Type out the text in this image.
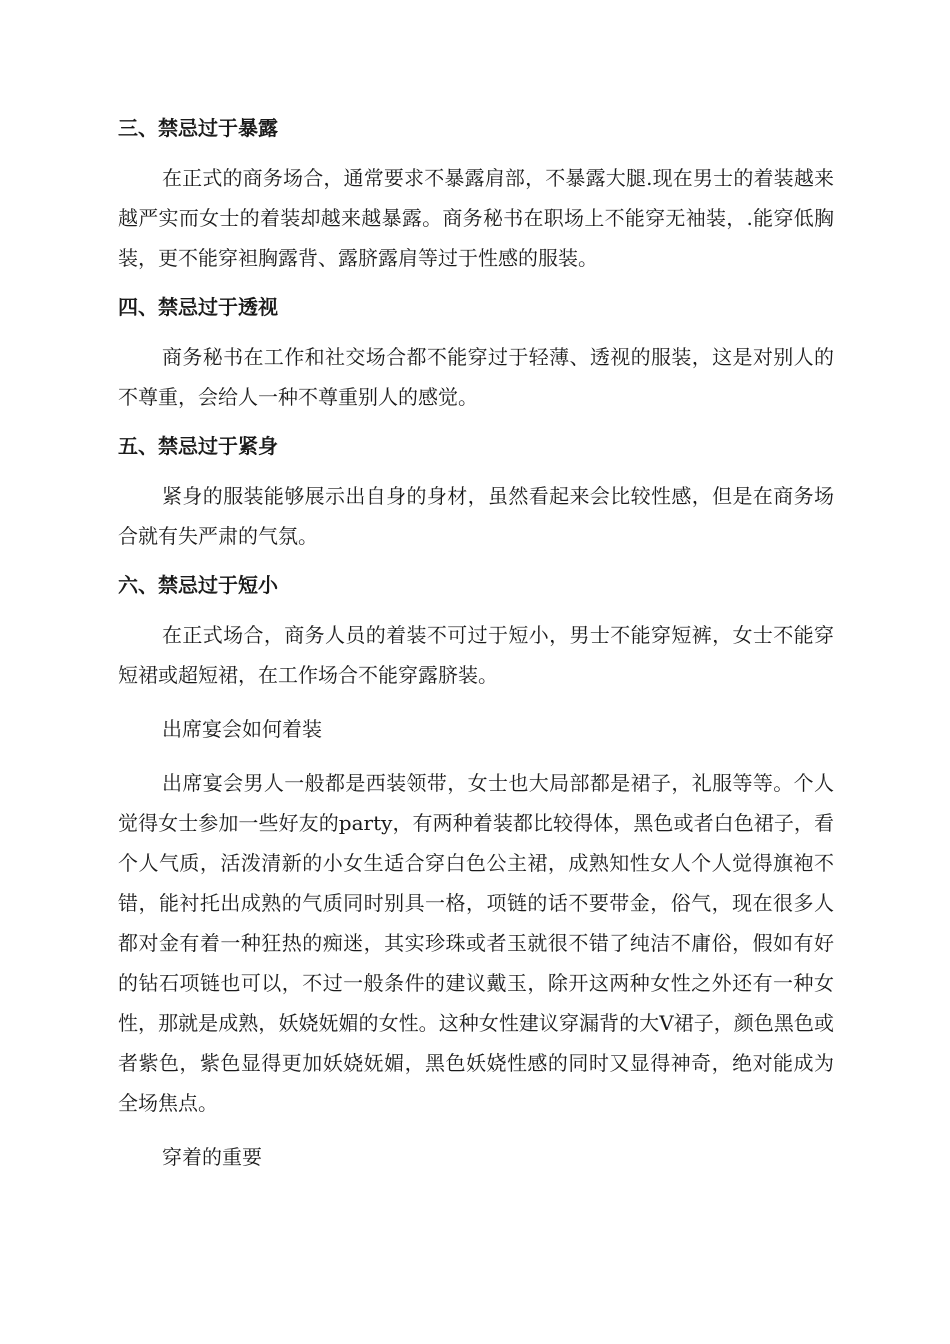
三、禁忌过于暴露

在正式的商务场合，通常要求不暴露肩部，不暴露大腿.现在男士的着装越来越严实而女士的着装却越来越暴露。商务秘书在职场上不能穿无袖装，.能穿低胸装，更不能穿袒胸露背、露脐露肩等过于性感的服装。

四、禁忌过于透视

商务秘书在工作和社交场合都不能穿过于轻薄、透视的服装，这是对别人的不尊重，会给人一种不尊重别人的感觉。

五、禁忌过于紧身

紧身的服装能够展示出自身的身材，虽然看起来会比较性感，但是在商务场合就有失严肃的气氛。

六、禁忌过于短小

在正式场合，商务人员的着装不可过于短小，男士不能穿短裤，女士不能穿短裙或超短裙，在工作场合不能穿露脐装。

出席宴会如何着装

出席宴会男人一般都是西装领带，女士也大局部都是裙子，礼服等等。个人觉得女士参加一些好友的party，有两种着装都比较得体，黑色或者白色裙子，看个人气质，活泼清新的小女生适合穿白色公主裙，成熟知性女人个人觉得旗袍不错，能衬托出成熟的气质同时别具一格，项链的话不要带金，俗气，现在很多人都对金有着一种狂热的痴迷，其实珍珠或者玉就很不错了纯洁不庸俗，假如有好的钻石项链也可以，不过一般条件的建议戴玉，除开这两种女性之外还有一种女性，那就是成熟，妖娆妩媚的女性。这种女性建议穿漏背的大V裙子，颜色黑色或者紫色，紫色显得更加妖娆妩媚，黑色妖娆性感的同时又显得神奇，绝对能成为全场焦点。

穿着的重要
